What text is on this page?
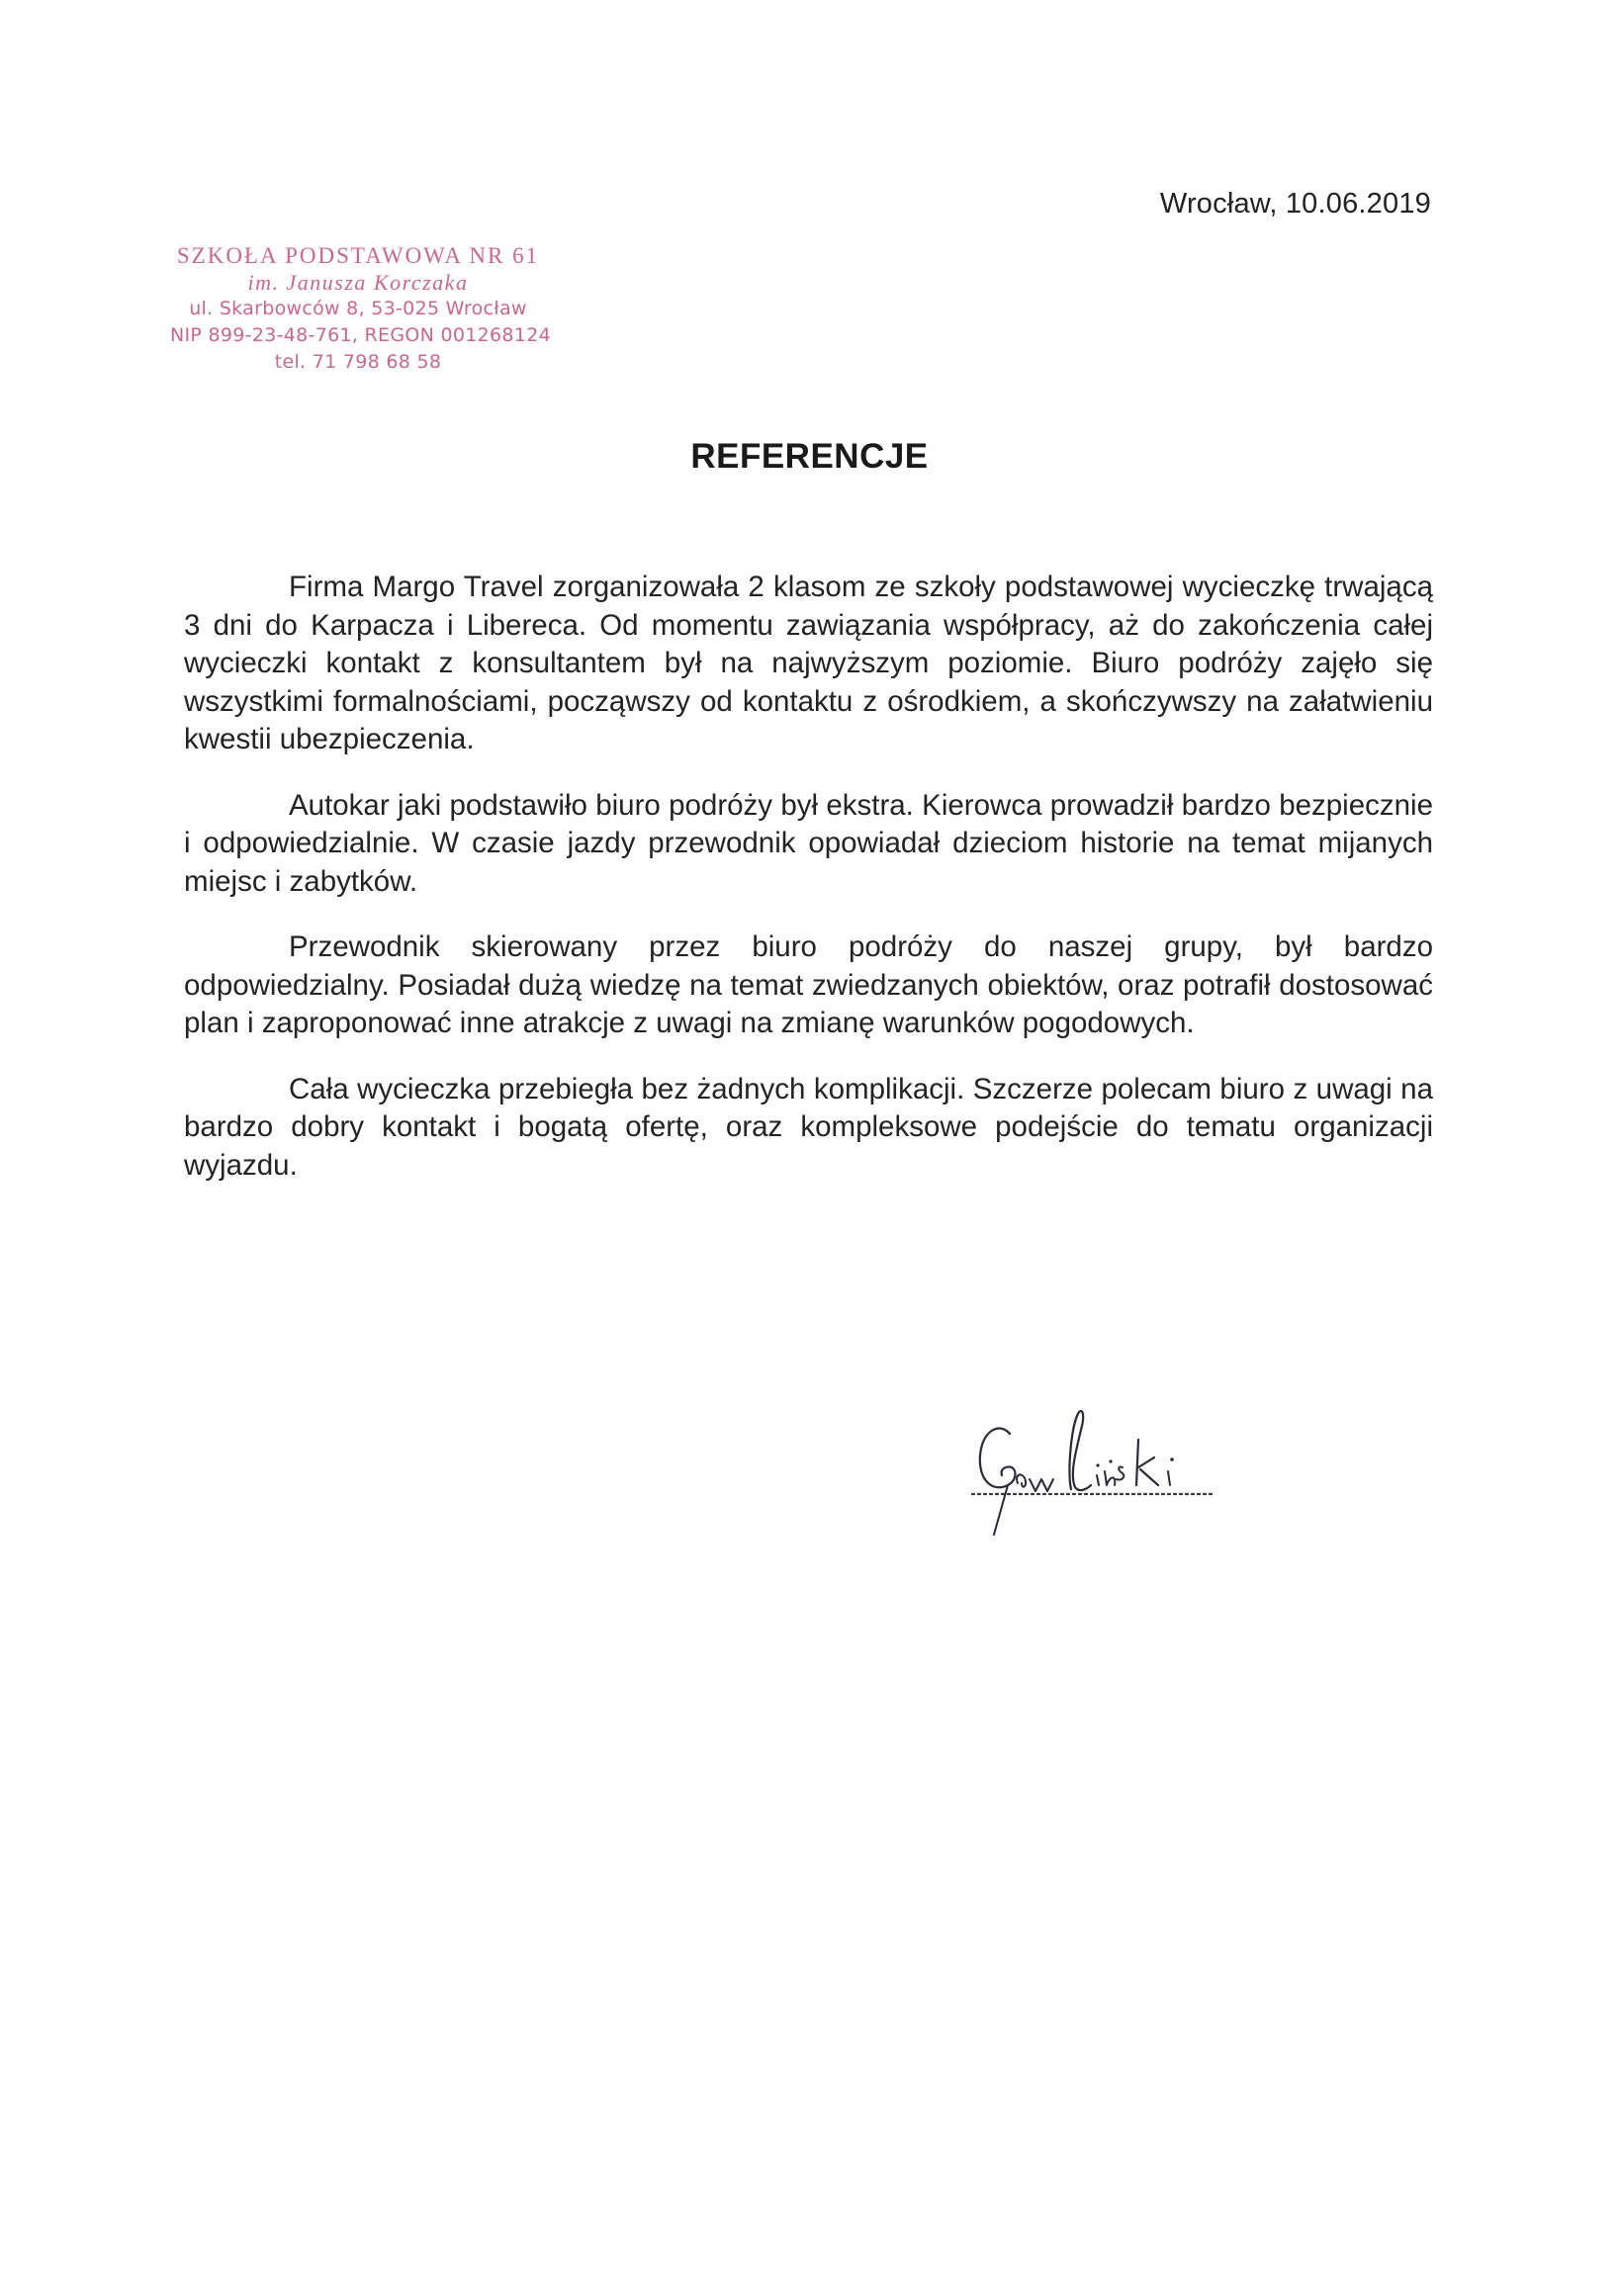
Wrocław, 10.06.2019
SZKOŁA PODSTAWOWA NR 61
im. Janusza Korczaka
ul. Skarbowców 8, 53-025 Wrocław
NIP 899-23-48-761, REGON 001268124
tel. 71 798 68 58
REFERENCJE

Firma Margo Travel zorganizowała 2 klasom ze szkoły podstawowej wycieczkę trwającą 3 dni do Karpacza i Libereca. Od momentu zawiązania współpracy, aż do zakończenia całej wycieczki kontakt z konsultantem był na najwyższym poziomie. Biuro podróży zajęło się wszystkimi formalnościami, począwszy od kontaktu z ośrodkiem, a skończywszy na załatwieniu kwestii ubezpieczenia.

Autokar jaki podstawiło biuro podróży był ekstra. Kierowca prowadził bardzo bezpiecznie i odpowiedzialnie. W czasie jazdy przewodnik opowiadał dzieciom historie na temat mijanych miejsc i zabytków.

Przewodnik skierowany przez biuro podróży do naszej grupy, był bardzo odpowiedzialny. Posiadał dużą wiedzę na temat zwiedzanych obiektów, oraz potrafił dostosować plan i zaproponować inne atrakcje z uwagi na zmianę warunków pogodowych.

Cała wycieczka przebiegła bez żadnych komplikacji. Szczerze polecam biuro z uwagi na bardzo dobry kontakt i bogatą ofertę, oraz kompleksowe podejście do tematu organizacji wyjazdu.
